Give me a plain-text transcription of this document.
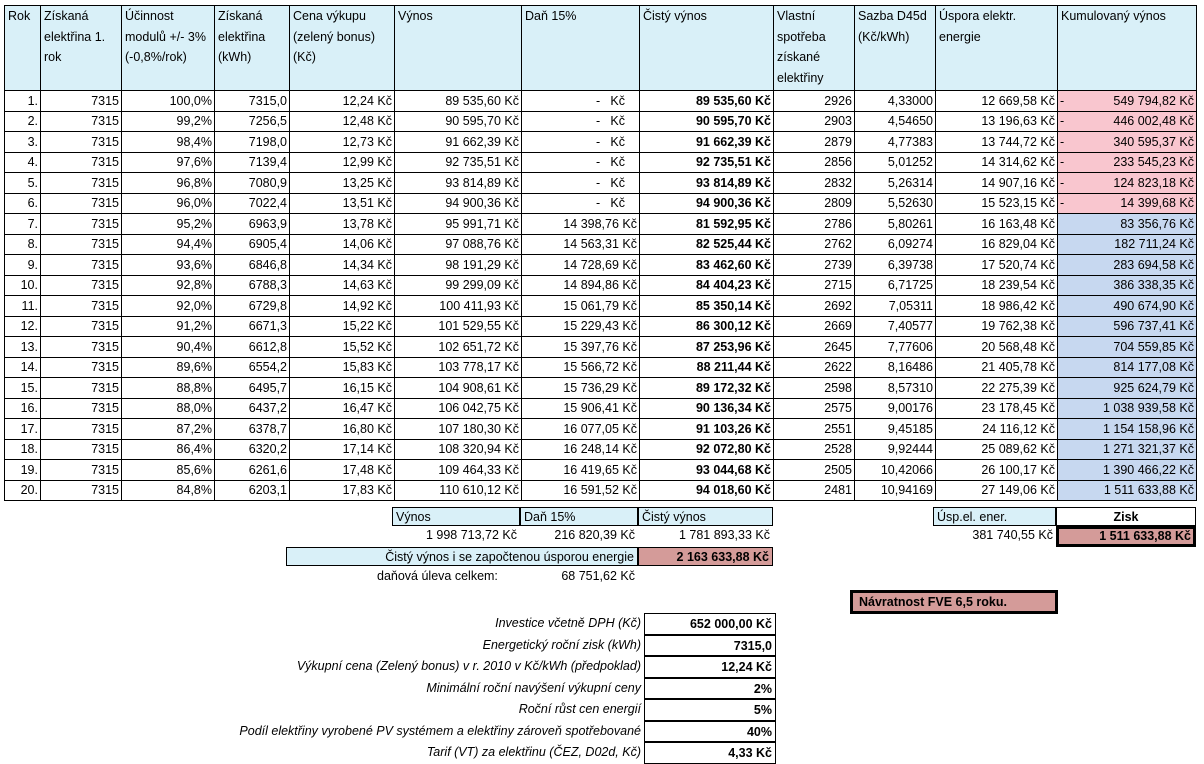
Rok	Získaná elektřina 1. rok	Účinnost modulů +/- 3% (-0,8%/rok)	Získaná elektřina (kWh)	Cena výkupu (zelený bonus) (Kč)	Výnos	Daň 15%	Čistý výnos	Vlastní spotřeba získané elektřiny	Sazba D45d (Kč/kWh)	Úspora elektr. energie	Kumulovaný výnos
1.	7315	100,0%	7315,0	12,24 Kč	89 535,60 Kč	- Kč	89 535,60 Kč	2926	4,33000	12 669,58 Kč	- 549 794,82 Kč

2.	7315	99,2%	7256,5	12,48 Kč	90 595,70 Kč	- Kč	90 595,70 Kč	2903	4,54650	13 196,63 Kč	- 446 002,48 Kč

3.	7315	98,4%	7198,0	12,73 Kč	91 662,39 Kč	- Kč	91 662,39 Kč	2879	4,77383	13 744,72 Kč	- 340 595,37 Kč

4.	7315	97,6%	7139,4	12,99 Kč	92 735,51 Kč	- Kč	92 735,51 Kč	2856	5,01252	14 314,62 Kč	- 233 545,23 Kč

5.	7315	96,8%	7080,9	13,25 Kč	93 814,89 Kč	- Kč	93 814,89 Kč	2832	5,26314	14 907,16 Kč	- 124 823,18 Kč

6.	7315	96,0%	7022,4	13,51 Kč	94 900,36 Kč	- Kč	94 900,36 Kč	2809	5,52630	15 523,15 Kč	- 14 399,68 Kč

7.	7315	95,2%	6963,9	13,78 Kč	95 991,71 Kč	14 398,76 Kč	81 592,95 Kč	2786	5,80261	16 163,48 Kč	83 356,76 Kč
8.	7315	94,4%	6905,4	14,06 Kč	97 088,76 Kč	14 563,31 Kč	82 525,44 Kč	2762	6,09274	16 829,04 Kč	182 711,24 Kč
9.	7315	93,6%	6846,8	14,34 Kč	98 191,29 Kč	14 728,69 Kč	83 462,60 Kč	2739	6,39738	17 520,74 Kč	283 694,58 Kč
10.	7315	92,8%	6788,3	14,63 Kč	99 299,09 Kč	14 894,86 Kč	84 404,23 Kč	2715	6,71725	18 239,54 Kč	386 338,35 Kč
11.	7315	92,0%	6729,8	14,92 Kč	100 411,93 Kč	15 061,79 Kč	85 350,14 Kč	2692	7,05311	18 986,42 Kč	490 674,90 Kč
12.	7315	91,2%	6671,3	15,22 Kč	101 529,55 Kč	15 229,43 Kč	86 300,12 Kč	2669	7,40577	19 762,38 Kč	596 737,41 Kč
13.	7315	90,4%	6612,8	15,52 Kč	102 651,72 Kč	15 397,76 Kč	87 253,96 Kč	2645	7,77606	20 568,48 Kč	704 559,85 Kč
14.	7315	89,6%	6554,2	15,83 Kč	103 778,17 Kč	15 566,72 Kč	88 211,44 Kč	2622	8,16486	21 405,78 Kč	814 177,08 Kč
15.	7315	88,8%	6495,7	16,15 Kč	104 908,61 Kč	15 736,29 Kč	89 172,32 Kč	2598	8,57310	22 275,39 Kč	925 624,79 Kč
16.	7315	88,0%	6437,2	16,47 Kč	106 042,75 Kč	15 906,41 Kč	90 136,34 Kč	2575	9,00176	23 178,45 Kč	1 038 939,58 Kč
17.	7315	87,2%	6378,7	16,80 Kč	107 180,30 Kč	16 077,05 Kč	91 103,26 Kč	2551	9,45185	24 116,12 Kč	1 154 158,96 Kč
18.	7315	86,4%	6320,2	17,14 Kč	108 320,94 Kč	16 248,14 Kč	92 072,80 Kč	2528	9,92444	25 089,62 Kč	1 271 321,37 Kč
19.	7315	85,6%	6261,6	17,48 Kč	109 464,33 Kč	16 419,65 Kč	93 044,68 Kč	2505	10,42066	26 100,17 Kč	1 390 466,22 Kč
20.	7315	84,8%	6203,1	17,83 Kč	110 610,12 Kč	16 591,52 Kč	94 018,60 Kč	2481	10,94169	27 149,06 Kč	1 511 633,88 Kč
Výnos	Daň 15%	Čistý výnos	Úsp.el. ener.	Zisk
1 998 713,72 Kč	216 820,39 Kč	1 781 893,33 Kč	381 740,55 Kč	1 511 633,88 Kč
Čistý výnos i se započtenou úsporou energie	2 163 633,88 Kč
daňová úleva celkem:	68 751,62 Kč
Návratnost FVE 6,5 roku.
Investice včetně DPH (Kč)	652 000,00 Kč
Energetický roční zisk (kWh)	7315,0
Výkupní cena (Zelený bonus) v r. 2010 v Kč/kWh (předpoklad)	12,24 Kč
Minimální roční navýšení výkupní ceny	2%
Roční růst cen energií	5%
Podíl elektřiny vyrobené PV systémem a elektřiny zároveň spotřebované	40%
Tarif (VT) za elektřinu (ČEZ, D02d, Kč)	4,33 Kč
